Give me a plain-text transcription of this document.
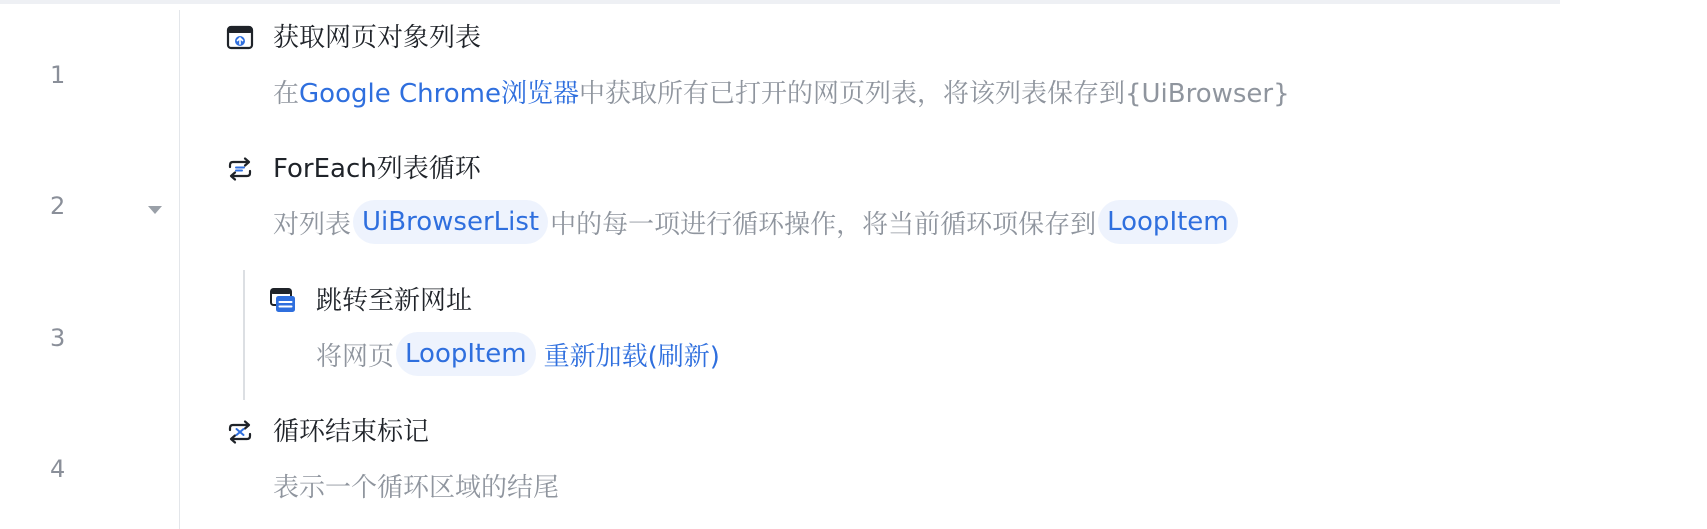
1
获取网页对象列表
在 Google Chrome浏览器 中获取所有已打开的网页列表，将该列表保存到{UiBrowser}
2
ForEach列表循环
对列表 UiBrowserList 中的每一项进行循环操作，将当前循环项保存到 LoopItem
3
跳转至新网址
将网页 LoopItem 重新加载(刷新)
4
循环结束标记
表示一个循环区域的结尾
